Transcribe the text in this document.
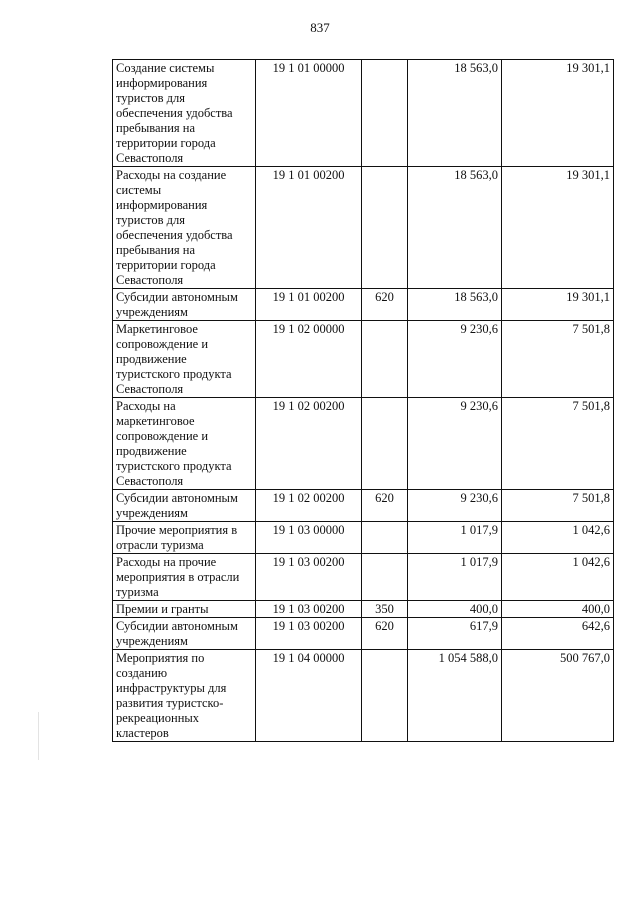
837
Создание системы информирования туристов для обеспечения удобства пребывания на территории города Севастополя	19 1 01 00000		18 563,0	19 301,1
Расходы на создание системы информирования туристов для обеспечения удобства пребывания на территории города Севастополя	19 1 01 00200		18 563,0	19 301,1
Субсидии автономным учреждениям	19 1 01 00200	620	18 563,0	19 301,1
Маркетинговое сопровождение и продвижение туристского продукта Севастополя	19 1 02 00000		9 230,6	7 501,8
Расходы на маркетинговое сопровождение и продвижение туристского продукта Севастополя	19 1 02 00200		9 230,6	7 501,8
Субсидии автономным учреждениям	19 1 02 00200	620	9 230,6	7 501,8
Прочие мероприятия в отрасли туризма	19 1 03 00000		1 017,9	1 042,6
Расходы на прочие мероприятия в отрасли туризма	19 1 03 00200		1 017,9	1 042,6
Премии и гранты	19 1 03 00200	350	400,0	400,0
Субсидии автономным учреждениям	19 1 03 00200	620	617,9	642,6
Мероприятия по созданию инфраструктуры для развития туристско-рекреационных кластеров	19 1 04 00000		1 054 588,0	500 767,0
